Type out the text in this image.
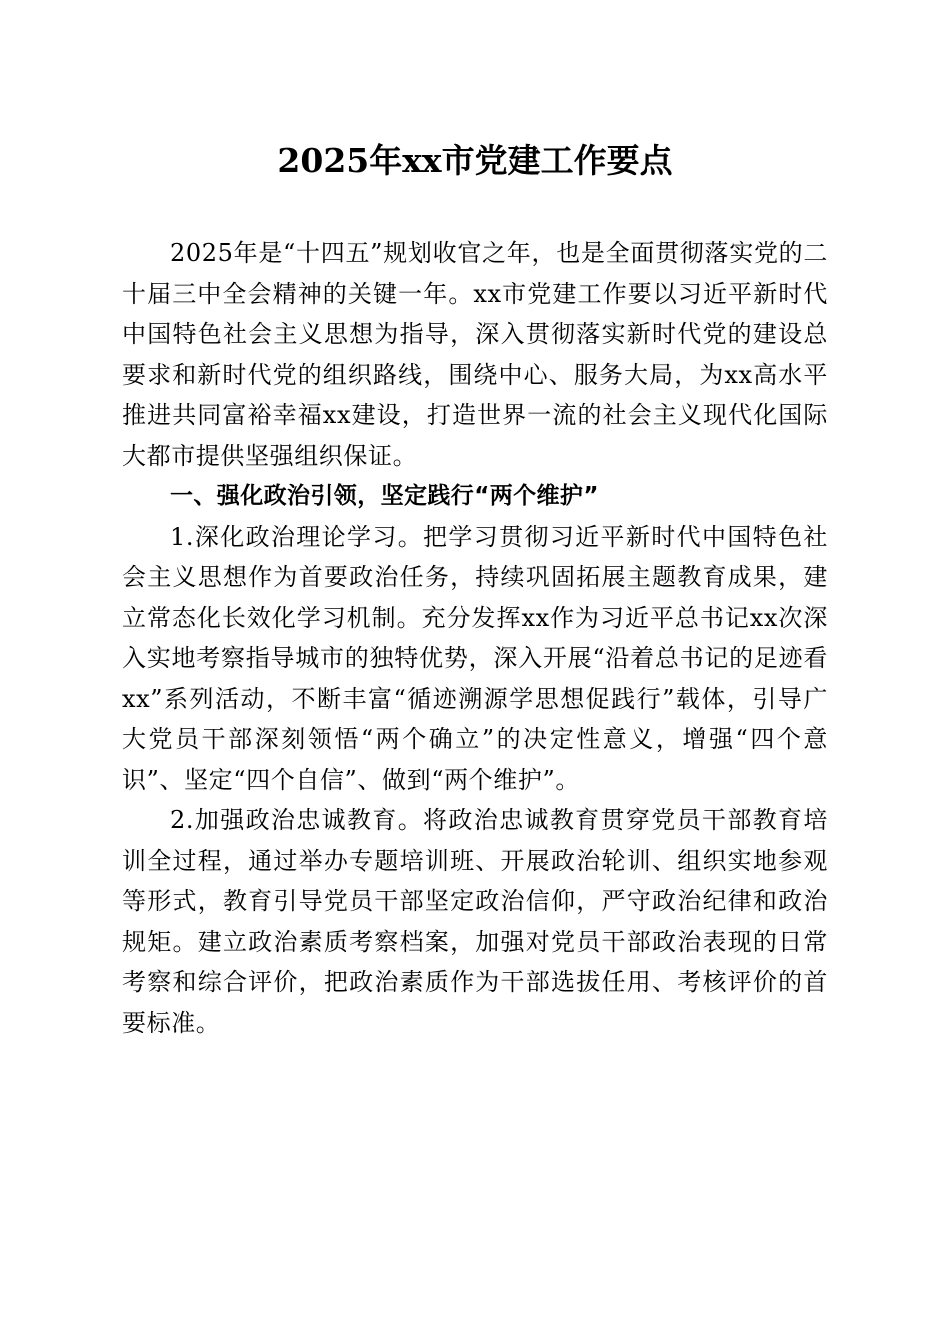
2025年xx市党建工作要点

2025年是“十四五”规划收官之年，也是全面贯彻落实党的二十届三中全会精神的关键一年。xx市党建工作要以习近平新时代中国特色社会主义思想为指导，深入贯彻落实新时代党的建设总要求和新时代党的组织路线，围绕中心、服务大局，为xx高水平推进共同富裕幸福xx建设，打造世界一流的社会主义现代化国际大都市提供坚强组织保证。

一、强化政治引领，坚定践行“两个维护”

1.深化政治理论学习。把学习贯彻习近平新时代中国特色社会主义思想作为首要政治任务，持续巩固拓展主题教育成果，建立常态化长效化学习机制。充分发挥xx作为习近平总书记xx次深入实地考察指导城市的独特优势，深入开展“沿着总书记的足迹看xx”系列活动，不断丰富“循迹溯源学思想促践行”载体，引导广大党员干部深刻领悟“两个确立”的决定性意义，增强“四个意识”、坚定“四个自信”、做到“两个维护”。

2.加强政治忠诚教育。将政治忠诚教育贯穿党员干部教育培训全过程，通过举办专题培训班、开展政治轮训、组织实地参观等形式，教育引导党员干部坚定政治信仰，严守政治纪律和政治规矩。建立政治素质考察档案，加强对党员干部政治表现的日常考察和综合评价，把政治素质作为干部选拔任用、考核评价的首要标准。
